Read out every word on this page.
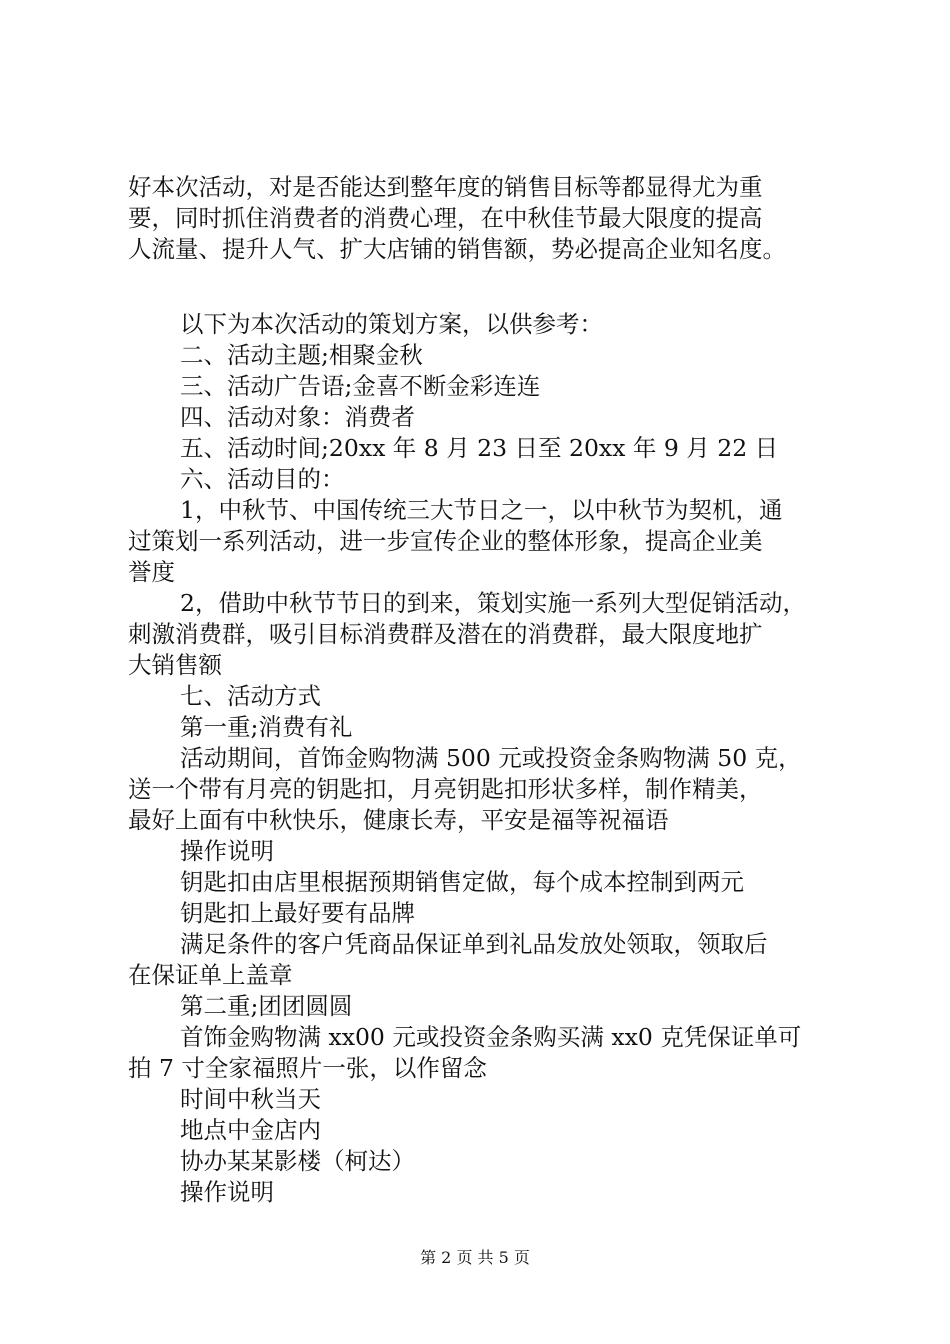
好本次活动，对是否能达到整年度的销售目标等都显得尤为重
要，同时抓住消费者的消费心理，在中秋佳节最大限度的提高
人流量、提升人气、扩大店铺的销售额，势必提高企业知名度。
以下为本次活动的策划方案，以供参考：
二、活动主题;相聚金秋
三、活动广告语;金喜不断金彩连连
四、活动对象：消费者
五、活动时间;20xx 年 8 月 23 日至 20xx 年 9 月 22 日
六、活动目的：
1，中秋节、中国传统三大节日之一，以中秋节为契机，通
过策划一系列活动，进一步宣传企业的整体形象，提高企业美
誉度
2，借助中秋节节日的到来，策划实施一系列大型促销活动，
刺激消费群，吸引目标消费群及潜在的消费群，最大限度地扩
大销售额
七、活动方式
第一重;消费有礼
活动期间，首饰金购物满 500 元或投资金条购物满 50 克，
送一个带有月亮的钥匙扣，月亮钥匙扣形状多样，制作精美，
最好上面有中秋快乐，健康长寿，平安是福等祝福语
操作说明
钥匙扣由店里根据预期销售定做，每个成本控制到两元
钥匙扣上最好要有品牌
满足条件的客户凭商品保证单到礼品发放处领取，领取后
在保证单上盖章
第二重;团团圆圆
首饰金购物满 xx00 元或投资金条购买满 xx0 克凭保证单可
拍 7 寸全家福照片一张，以作留念
时间中秋当天
地点中金店内
协办某某影楼（柯达）
操作说明
第 2 页 共 5 页
